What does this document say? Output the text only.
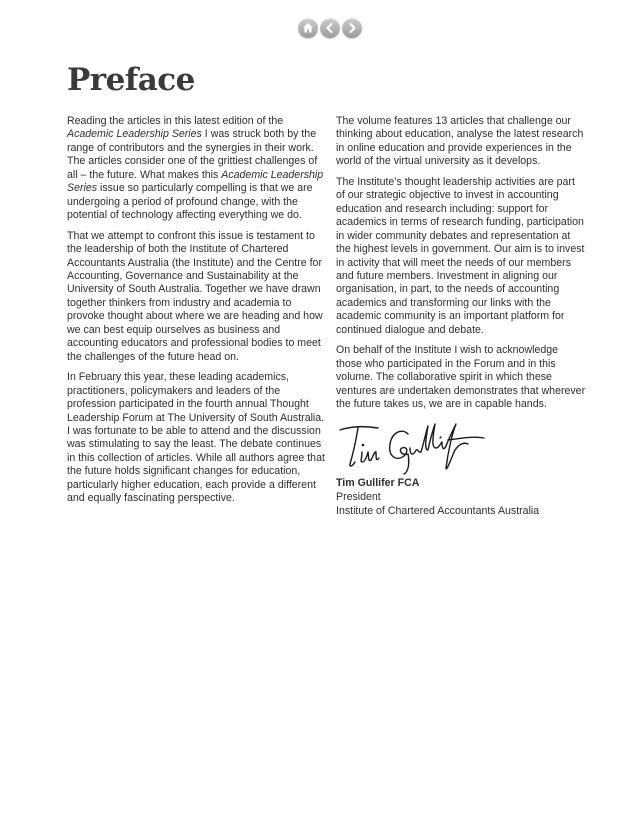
Preface

Reading the articles in this latest edition of the Academic Leadership Series I was struck both by the range of contributors and the synergies in their work. The articles consider one of the grittiest challenges of all – the future. What makes this Academic Leadership Series issue so particularly compelling is that we are undergoing a period of profound change, with the potential of technology affecting everything we do.

That we attempt to confront this issue is testament to the leadership of both the Institute of Chartered Accountants Australia (the Institute) and the Centre for Accounting, Governance and Sustainability at the University of South Australia. Together we have drawn together thinkers from industry and academia to provoke thought about where we are heading and how we can best equip ourselves as business and accounting educators and professional bodies to meet the challenges of the future head on.

In February this year, these leading academics, practitioners, policymakers and leaders of the profession participated in the fourth annual Thought Leadership Forum at The University of South Australia. I was fortunate to be able to attend and the discussion was stimulating to say the least. The debate continues in this collection of articles. While all authors agree that the future holds significant changes for education, particularly higher education, each provide a different and equally fascinating perspective.

The volume features 13 articles that challenge our thinking about education, analyse the latest research in online education and provide experiences in the world of the virtual university as it develops.

The Institute’s thought leadership activities are part of our strategic objective to invest in accounting education and research including: support for academics in terms of research funding, participation in wider community debates and representation at the highest levels in government. Our aim is to invest in activity that will meet the needs of our members and future members. Investment in aligning our organisation, in part, to the needs of accounting academics and transforming our links with the academic community is an important platform for continued dialogue and debate.

On behalf of the Institute I wish to acknowledge those who participated in the Forum and in this volume. The collaborative spirit in which these ventures are undertaken demonstrates that wherever the future takes us, we are in capable hands.

Tim Gullifer FCA
President
Institute of Chartered Accountants Australia
